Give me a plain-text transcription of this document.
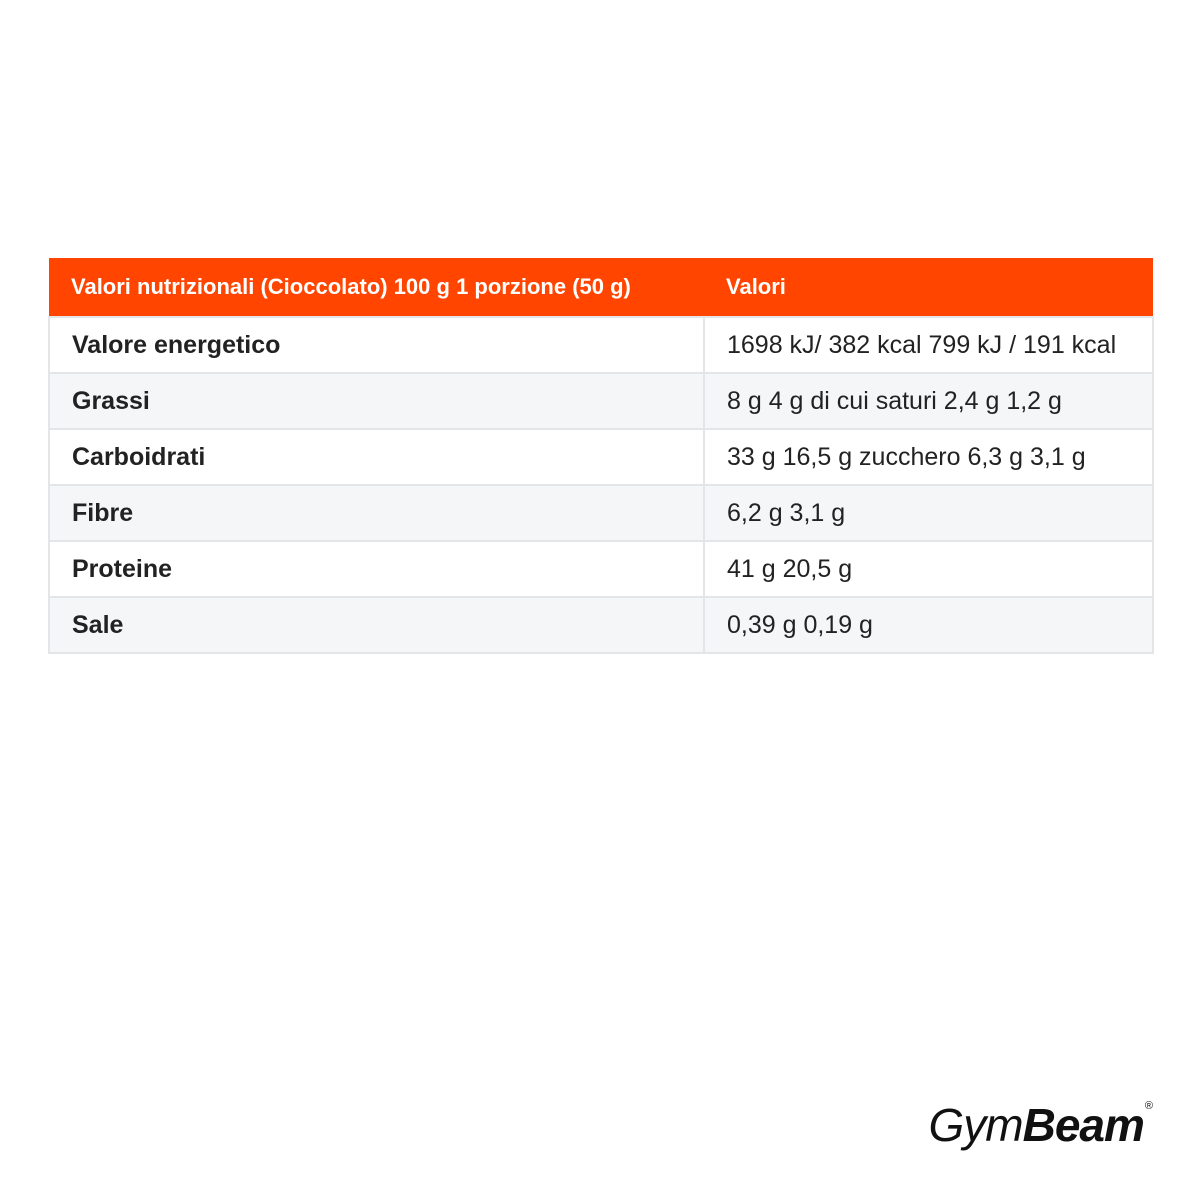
Valori nutrizionali (Cioccolato) 100 g 1 porzione (50 g)	Valori
Valore energetico	1698 kJ/ 382 kcal 799 kJ / 191 kcal
Grassi	8 g 4 g di cui saturi 2,4 g 1,2 g
Carboidrati	33 g 16,5 g zucchero 6,3 g 3,1 g
Fibre	6,2 g 3,1 g
Proteine	41 g 20,5 g
Sale	0,39 g 0,19 g
GymBeam®
